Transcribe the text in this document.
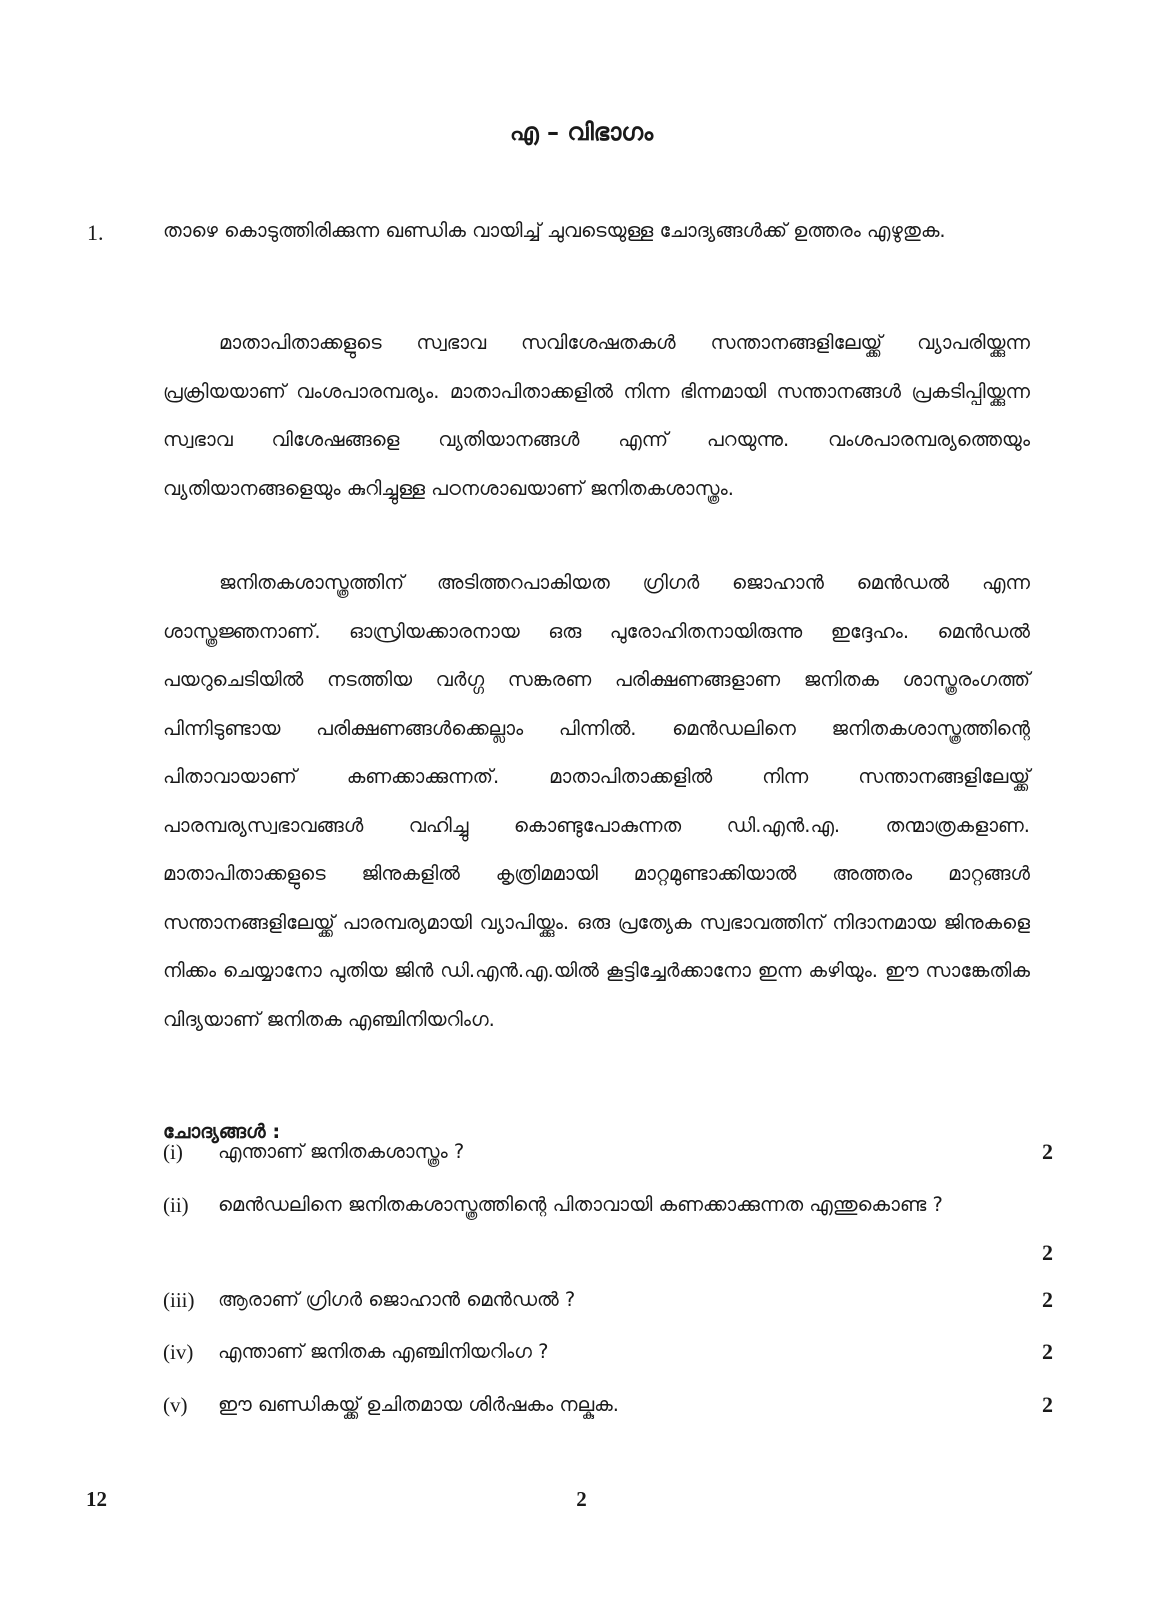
എ – വിഭാഗം
1.	താഴെ കൊടുത്തിരിക്കുന്ന ഖണ്ഡിക വായിച്ച് ചുവടെയുള്ള ചോദ്യങ്ങൾക്ക് ഉത്തരം എഴുതുക.
മാതാപിതാക്കളുടെ സ്വഭാവ സവിശേഷതകൾ സന്താനങ്ങളിലേയ്ക്ക് വ്യാപരിയ്ക്കുന്ന പ്രക്രിയയാണ് വംശപാരമ്പര്യം. മാതാപിതാക്കളിൽ നിന്ന ഭിന്നമായി സന്താനങ്ങൾ പ്രകടിപ്പിയ്ക്കുന്ന സ്വഭാവ വിശേഷങ്ങളെ വ്യതിയാനങ്ങൾ എന്ന് പറയുന്നു. വംശപാരമ്പര്യത്തെയും വ്യതിയാനങ്ങളെയും കുറിച്ചുള്ള പഠനശാഖയാണ് ജനിതകശാസ്ത്രം.
ജനിതകശാസ്ത്രത്തിന് അടിത്തറപാകിയത ഗ്രിഗർ ജൊഹാൻ മെൻഡൽ എന്ന ശാസ്ത്രജ്ഞനാണ്. ഓസ്രിയക്കാരനായ ഒരു പുരോഹിതനായിരുന്നു ഇദ്ദേഹം. മെൻഡൽ പയറുചെടിയിൽ നടത്തിയ വർഗ്ഗ സങ്കരണ പരിക്ഷണങ്ങളാണ ജനിതക ശാസ്ത്രരംഗത്ത് പിന്നിടുണ്ടായ പരിക്ഷണങ്ങൾക്കെല്ലാം പിന്നിൽ. മെൻഡലിനെ ജനിതകശാസ്ത്രത്തിന്റെ പിതാവായാണ് കണക്കാക്കുന്നത്. മാതാപിതാക്കളിൽ നിന്ന സന്താനങ്ങളിലേയ്ക്ക് പാരമ്പര്യസ്വഭാവങ്ങൾ വഹിച്ചു കൊണ്ടുപോകുന്നത ഡി.എൻ.എ. തന്മാത്രകളാണ. മാതാപിതാക്കളുടെ ജിനുകളിൽ കൃത്രിമമായി മാറ്റമുണ്ടാക്കിയാൽ അത്തരം മാറ്റങ്ങൾ സന്താനങ്ങളിലേയ്ക്ക് പാരമ്പര്യമായി വ്യാപിയ്ക്കും. ഒരു പ്രത്യേക സ്വഭാവത്തിന് നിദാനമായ ജിനുകളെ നിക്കം ചെയ്യാനോ പുതിയ ജിൻ ഡി.എൻ.എ.യിൽ കൂട്ടിച്ചേർക്കാനോ ഇന്ന കഴിയും. ഈ സാങ്കേതിക വിദ്യയാണ് ജനിതക എഞ്ചിനിയറിംഗ.
ചോദ്യങ്ങൾ :
(i) എന്താണ് ജനിതകശാസ്ത്രം ?	2
(ii) മെൻഡലിനെ ജനിതകശാസ്ത്രത്തിന്റെ പിതാവായി കണക്കാക്കുന്നത എന്തുകൊണ്ട ?
2
(iii) ആരാണ് ഗ്രിഗർ ജൊഹാൻ മെൻഡൽ ?	2
(iv) എന്താണ് ജനിതക എഞ്ചിനിയറിംഗ ?	2
(v) ഈ ഖണ്ഡികയ്ക്ക് ഉചിതമായ ശിർഷകം നല്കുക.	2
12	2
